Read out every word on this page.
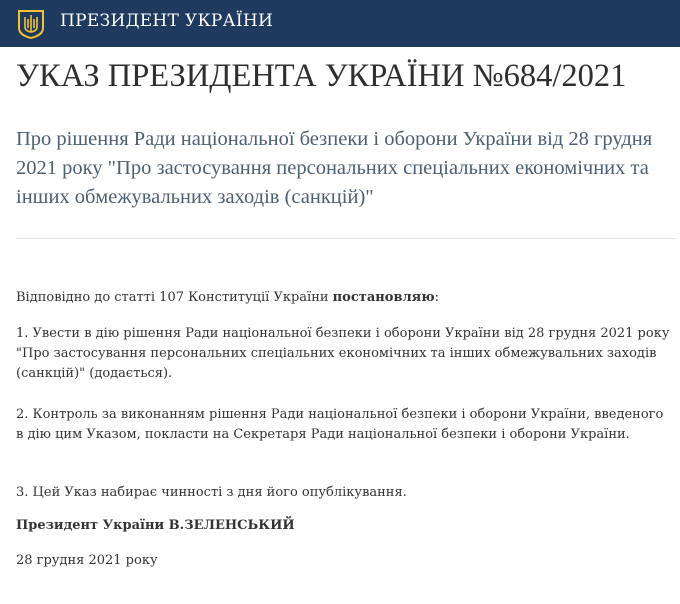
ПРЕЗИДЕНТ УКРАЇНИ
УКАЗ ПРЕЗИДЕНТА УКРАЇНИ №684/2021

Про рішення Ради національної безпеки і оборони України від 28 грудня 2021 року "Про застосування персональних спеціальних економічних та інших обмежувальних заходів (санкцій)"

Відповідно до статті 107 Конституції України постановляю:

1. Увести в дію рішення Ради національної безпеки і оборони України від 28 грудня 2021 року "Про застосування персональних спеціальних економічних та інших обмежувальних заходів (санкцій)" (додається).

2. Контроль за виконанням рішення Ради національної безпеки і оборони України, введеного в дію цим Указом, покласти на Секретаря Ради національної безпеки і оборони України.

3. Цей Указ набирає чинності з дня його опублікування.

Президент України В.ЗЕЛЕНСЬКИЙ

28 грудня 2021 року
